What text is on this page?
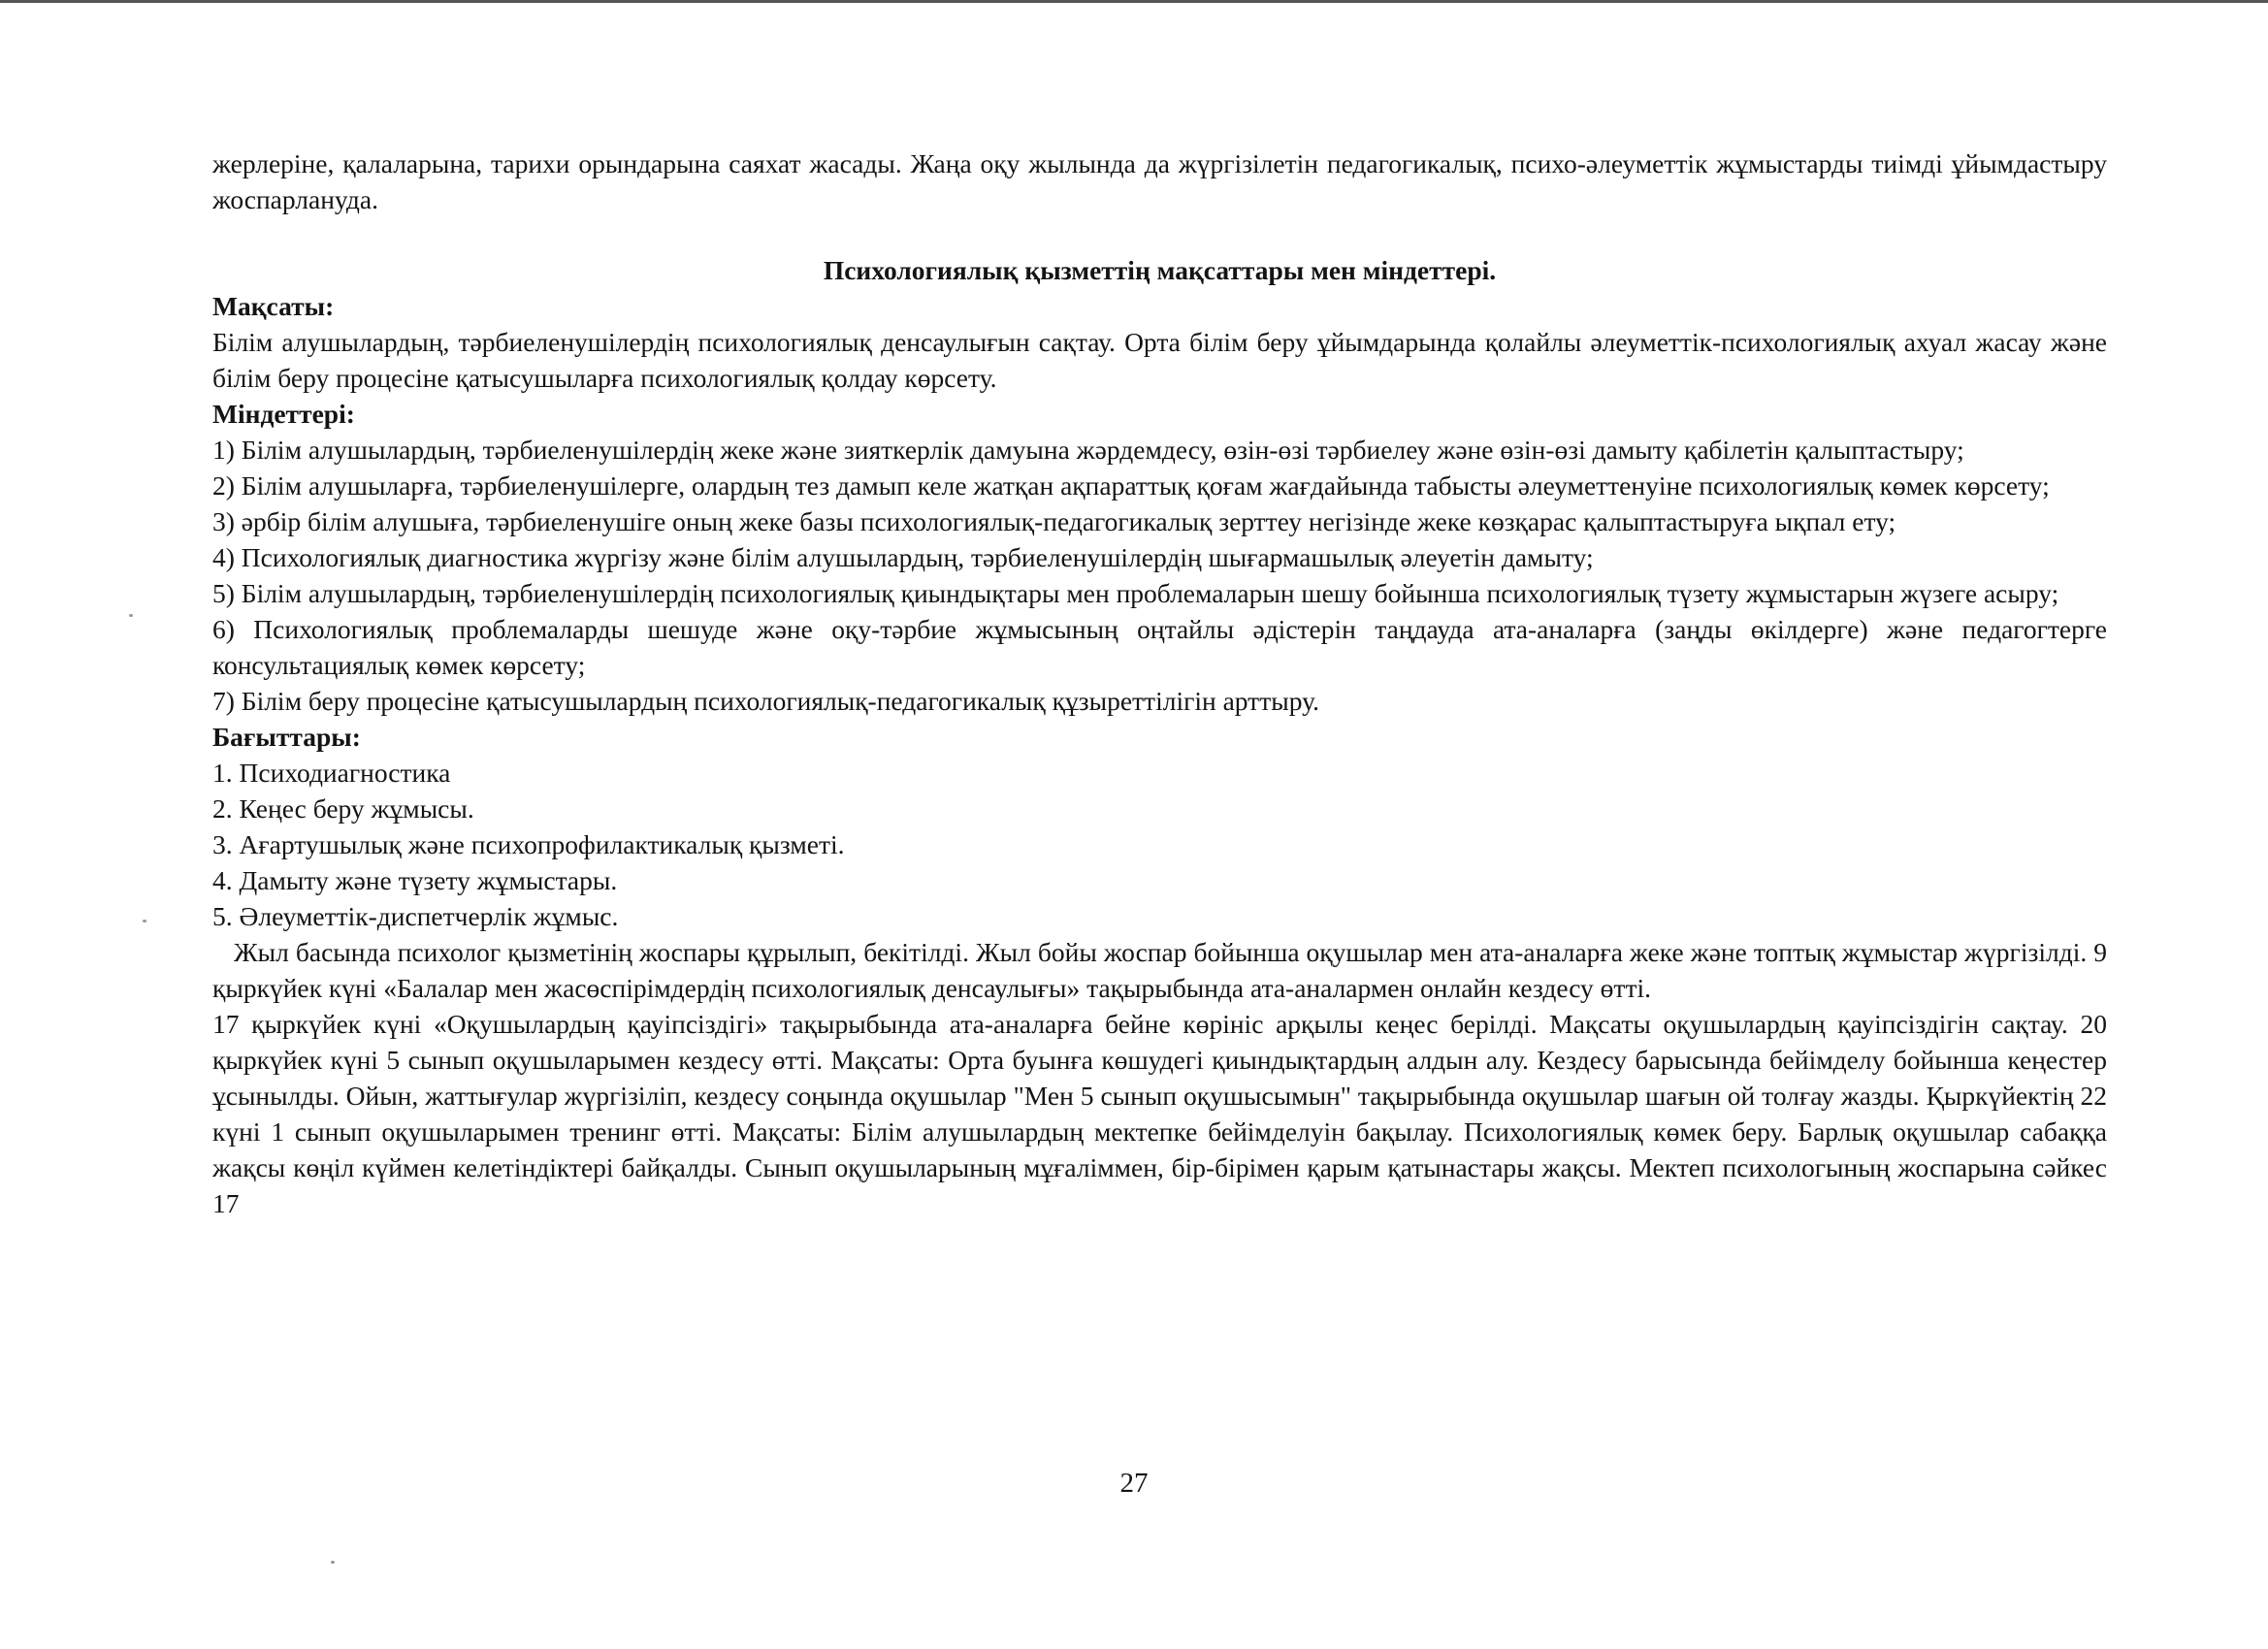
жерлеріне, қалаларына, тарихи орындарына саяхат жасады. Жаңа оқу жылында да жүргізілетін педагогикалық, психо-әлеуметтік жұмыстарды тиімді ұйымдастыру жоспарлануда.

Психологиялық қызметтің мақсаттары мен міндеттері.

Мақсаты:

Білім алушылардың, тәрбиеленушілердің психологиялық денсаулығын сақтау. Орта білім беру ұйымдарында қолайлы әлеуметтік-психологиялық ахуал жасау және білім беру процесіне қатысушыларға психологиялық қолдау көрсету.

Міндеттері:
1) Білім алушылардың, тәрбиеленушілердің жеке және зияткерлік дамуына жәрдемдесу, өзін-өзі тәрбиелеу және өзін-өзі дамыту қабілетін қалыптастыру;
2) Білім алушыларға, тәрбиеленушілерге, олардың тез дамып келе жатқан ақпараттық қоғам жағдайында табысты әлеуметтенуіне психологиялық көмек көрсету;
3) әрбір білім алушыға, тәрбиеленушіге оның жеке базы психологиялық-педагогикалық зерттеу негізінде жеке көзқарас қалыптастыруға ықпал ету;
4) Психологиялық диагностика жүргізу және білім алушылардың, тәрбиеленушілердің шығармашылық әлеуетін дамыту;
5) Білім алушылардың, тәрбиеленушілердің психологиялық қиындықтары мен проблемаларын шешу бойынша психологиялық түзету жұмыстарын жүзеге асыру;
6) Психологиялық проблемаларды шешуде және оқу-тәрбие жұмысының оңтайлы әдістерін таңдауда ата-аналарға (заңды өкілдерге) және педагогтерге консультациялық көмек көрсету;
7) Білім беру процесіне қатысушылардың психологиялық-педагогикалық құзыреттілігін арттыру.
Бағыттары:
1. Психодиагностика
2. Кеңес беру жұмысы.
3. Ағартушылық және психопрофилактикалық қызметі.
4. Дамыту және түзету жұмыстары.
5. Әлеуметтік-диспетчерлік жұмыс.

Жыл басында психолог қызметінің жоспары құрылып, бекітілді. Жыл бойы жоспар бойынша оқушылар мен ата-аналарға жеке және топтық жұмыстар жүргізілді. 9 қыркүйек күні «Балалар мен жасөспірімдердің психологиялық денсаулығы» тақырыбында ата-аналармен онлайн кездесу өтті.

17 қыркүйек күні «Оқушылардың қауіпсіздігі» тақырыбында ата-аналарға бейне көрініс арқылы кеңес берілді. Мақсаты оқушылардың қауіпсіздігін сақтау. 20 қыркүйек күні 5 сынып оқушыларымен кездесу өтті. Мақсаты: Орта буынға көшудегі қиындықтардың алдын алу. Кездесу барысында бейімделу бойынша кеңестер ұсынылды. Ойын, жаттығулар жүргізіліп, кездесу соңында оқушылар "Мен 5 сынып оқушысымын" тақырыбында оқушылар шағын ой толғау жазды. Қыркүйектің 22 күні 1 сынып оқушыларымен тренинг өтті. Мақсаты: Білім алушылардың мектепке бейімделуін бақылау. Психологиялық көмек беру. Барлық оқушылар сабаққа жақсы көңіл күймен келетіндіктері байқалды. Сынып оқушыларының мұғаліммен, бір-бірімен қарым қатынастары жақсы. Мектеп психологының жоспарына сәйкес 17

27
